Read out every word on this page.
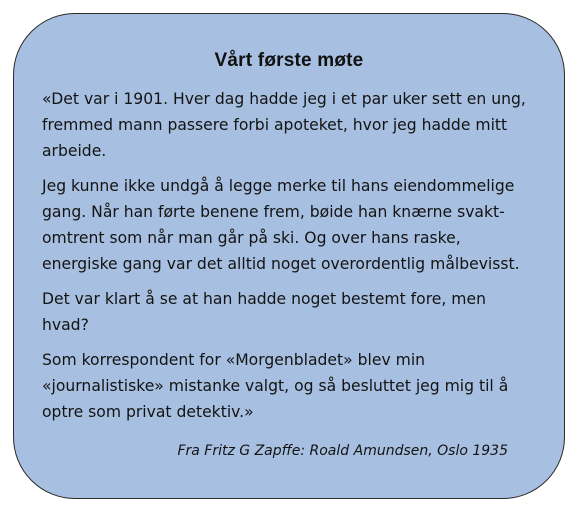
Vårt første møte

«Det var i 1901. Hver dag hadde jeg i et par uker sett en ung,
fremmed mann passere forbi apoteket, hvor jeg hadde mitt
arbeide.

Jeg kunne ikke undgå å legge merke til hans eiendommelige
gang. Når han førte benene frem, bøide han knærne svakt-
omtrent som når man går på ski. Og over hans raske,
energiske gang var det alltid noget overordentlig målbevisst.

Det var klart å se at han hadde noget bestemt fore, men
hvad?

Som korrespondent for «Morgenbladet» blev min
«journalistiske» mistanke valgt, og så besluttet jeg mig til å
optre som privat detektiv.»

Fra Fritz G Zapffe: Roald Amundsen, Oslo 1935
